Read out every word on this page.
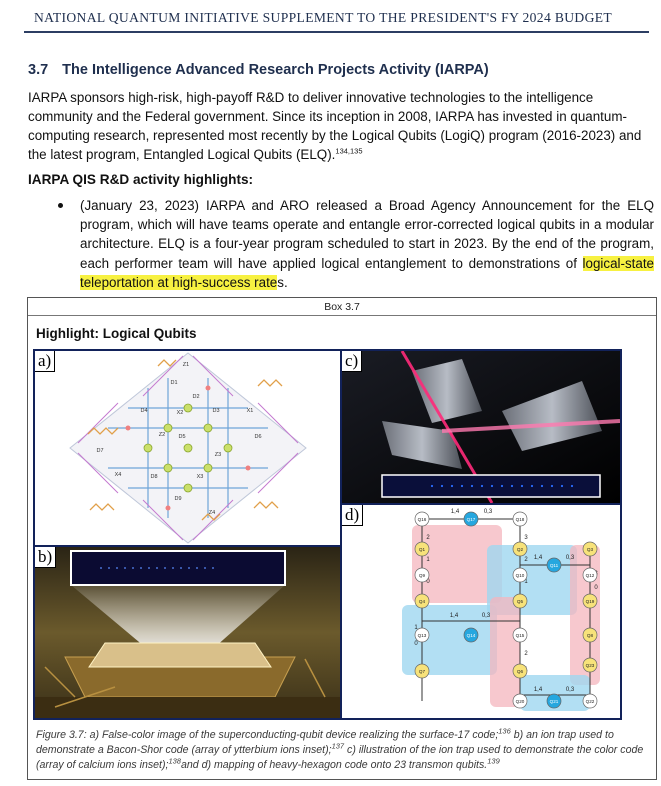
NATIONAL QUANTUM INITIATIVE SUPPLEMENT TO THE PRESIDENT'S FY 2024 BUDGET
3.7 The Intelligence Advanced Research Projects Activity (IARPA)
IARPA sponsors high-risk, high-payoff R&D to deliver innovative technologies to the intelligence community and the Federal government. Since its inception in 2008, IARPA has invested in quantum-computing research, represented most recently by the Logical Qubits (LogiQ) program (2016-2023) and the latest program, Entangled Logical Qubits (ELQ).$^{134,135}$
IARPA QIS R&D activity highlights:
(January 23, 2023) IARPA and ARO released a Broad Agency Announcement for the ELQ program, which will have teams operate and entangle error-corrected logical qubits in a modular architecture. ELQ is a four-year program scheduled to start in 2023. By the end of the program, each performer team will have applied logical entanglement to demonstrations of logical-state teleportation at high-success rates.
Box 3.7
Highlight: Logical Qubits
a)	Z1
D1
D2
D3
X2
D4	X1
D5
Z2
Z3
D6
D7
X4	D8	X3
D9
Z4
b)
c)
d)	1,4	0,3
2
1
0
3
2
1
1,4	0,3
0
1
0
1,4	0,3
2
1,4	0,3
Q16	Q17	Q18
Q1	Q2	Q3
Q4	Q5
Q6
Q7
Q8
Q9	Q10
Q11
Q12
Q13	Q14	Q15
Q19
Q20	Q21	Q22
Q23
Figure 3.7: a) False-color image of the superconducting-qubit device realizing the surface-17 code;$^{136}$ b) an ion trap used to demonstrate a Bacon-Shor code (array of ytterbium ions inset);$^{137}$ c) illustration of the ion trap used to demonstrate the color code (array of calcium ions inset);$^{138}$and d) mapping of heavy-hexagon code onto 23 transmon qubits.$^{139}$
